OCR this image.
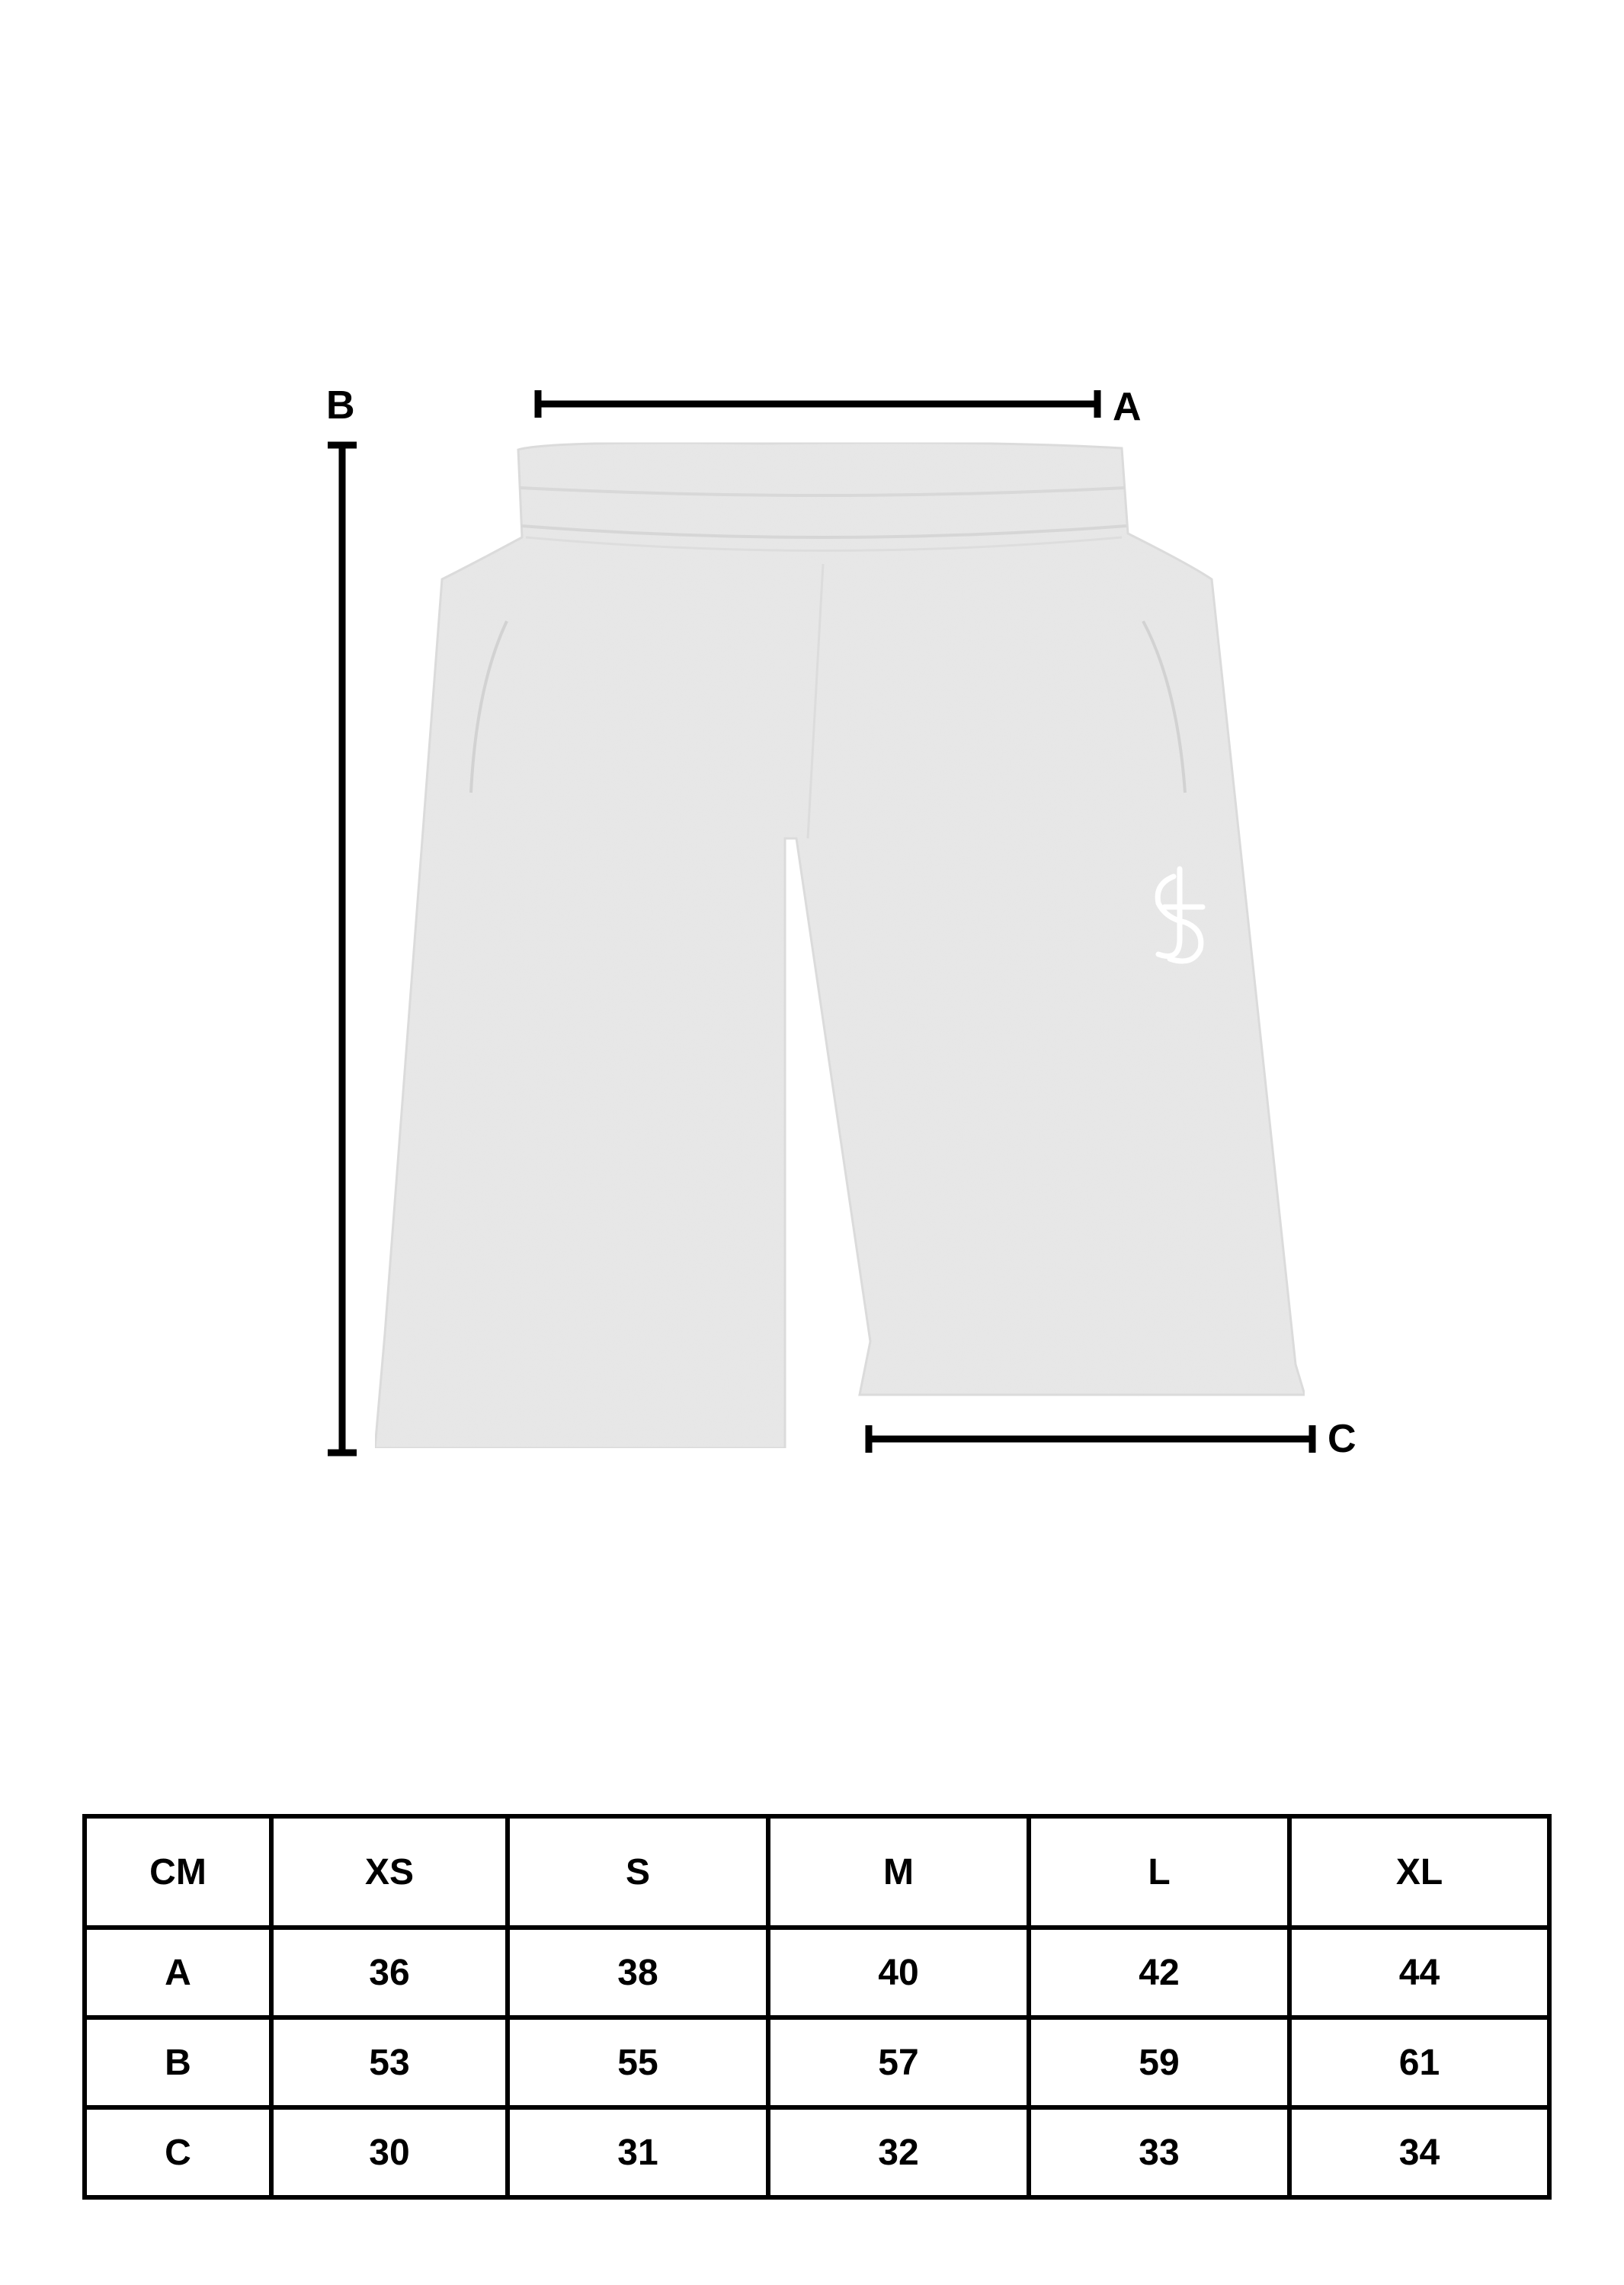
A
B
C
CM	XS	S	M	L	XL
A	36	38	40	42	44
B	53	55	57	59	61
C	30	31	32	33	34
